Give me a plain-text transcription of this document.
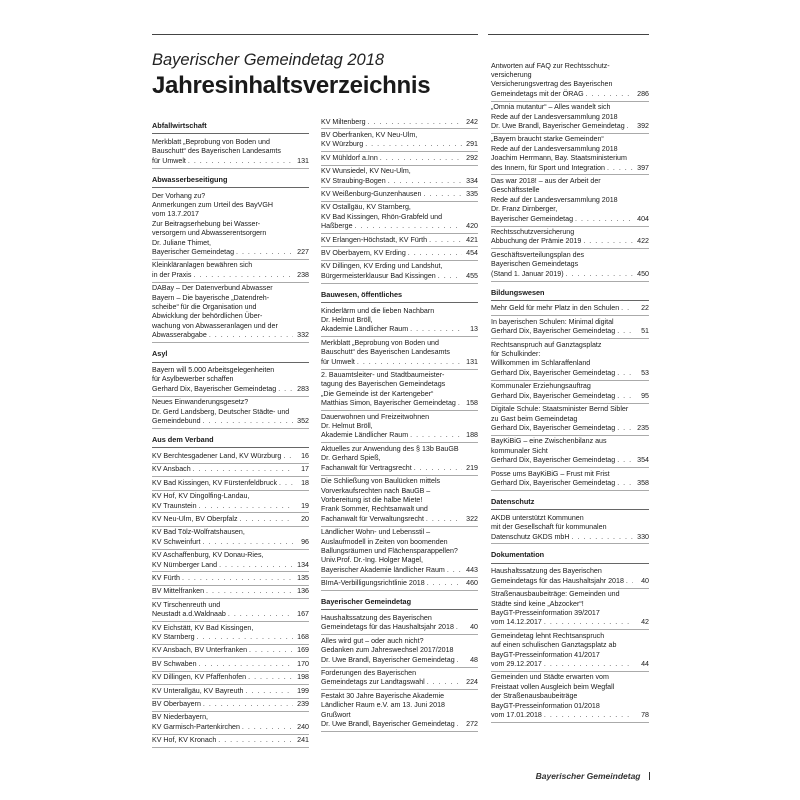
Bayerischer Gemeindetag 2018
Jahresinhaltsverzeichnis
Abfallwirtschaft
Merkblatt „Beprobung von Boden und
Bauschutt“ des Bayerischen Landesamts
für Umwelt . . .	131
Abwasserbeseitigung
Der Vorhang zu?
Anmerkungen zum Urteil des BayVGH
vom 13.7.2017
Zur Beitragserhebung bei Wasser-
versorgern und Abwasserentsorgern
Dr. Juliane Thimet,
Bayerischer Gemeindetag . . .	227
Kleinkläranlagen bewähren sich
in der Praxis . . .	238
DABay – Der Datenverbund Abwasser
Bayern – Die bayerische „Datendreh-
scheibe“ für die Organisation und
Abwicklung der behördlichen Über-
wachung von Abwasseranlagen und der
Abwasserabgabe . . .	332
Asyl
Bayern will 5.000 Arbeitsgelegenheiten
für Asylbewerber schaffen
Gerhard Dix, Bayerischer Gemeindetag . . .	283
Neues Einwanderungsgesetz?
Dr. Gerd Landsberg, Deutscher Städte- und
Gemeindebund . . .	352
Aus dem Verband
KV Berchtesgadener Land, KV Würzburg . . .	16
KV Ansbach . . .	17
KV Bad Kissingen, KV Fürstenfeldbruck . . .	18
KV Hof, KV Dingolfing-Landau,
KV Traunstein . . .	19
KV Neu-Ulm, BV Oberpfalz . . .	20
KV Bad Tölz-Wolfratshausen,
KV Schweinfurt . . .	96
KV Aschaffenburg, KV Donau-Ries,
KV Nürnberger Land . . .	134
KV Fürth . . .	135
BV Mittelfranken . . .	136
KV Tirschenreuth und
Neustadt a.d.Waldnaab . . .	167
KV Eichstätt, KV Bad Kissingen,
KV Starnberg . . .	168
KV Ansbach, BV Unterfranken . . .	169
BV Schwaben . . .	170
KV Dillingen, KV Pfaffenhofen . . .	198
KV Unterallgäu, KV Bayreuth . . .	199
BV Oberbayern . . .	239
BV Niederbayern,
KV Garmisch-Partenkirchen . . .	240
KV Hof, KV Kronach . . .	241
KV Miltenberg . . .	242
BV Oberfranken, KV Neu-Ulm,
KV Würzburg . . .	291
KV Mühldorf a.Inn . . .	292
KV Wunsiedel, KV Neu-Ulm,
KV Straubing-Bogen . . .	334
KV Weißenburg-Gunzenhausen . . .	335
KV Ostallgäu, KV Starnberg,
KV Bad Kissingen, Rhön-Grabfeld und
Haßberge . . .	420
KV Erlangen-Höchstadt, KV Fürth . . .	421
BV Oberbayern, KV Erding . . .	454
KV Dillingen, KV Erding und Landshut,
Bürgermeisterklausur Bad Kissingen . . .	455
Bauwesen, öffentliches
Kinderlärm und die lieben Nachbarn
Dr. Helmut Bröll,
Akademie Ländlicher Raum . . .	13
Merkblatt „Beprobung von Boden und
Bauschutt“ des Bayerischen Landesamts
für Umwelt . . .	131
2. Bauamtsleiter- und Stadtbaumeister-
tagung des Bayerischen Gemeindetags
„Die Gemeinde ist der Kartengeber“
Matthias Simon, Bayerischer Gemeindetag . . .	158
Dauerwohnen und Freizeitwohnen
Dr. Helmut Bröll,
Akademie Ländlicher Raum . . .	188
Aktuelles zur Anwendung des § 13b BauGB
Dr. Gerhard Spieß,
Fachanwalt für Vertragsrecht . . .	219
Die Schließung von Baulücken mittels
Vorverkaufsrechten nach BauGB –
Vorbereitung ist die halbe Miete!
Frank Sommer, Rechtsanwalt und
Fachanwalt für Verwaltungsrecht . . .	322
Ländlicher Wohn- und Lebensstil –
Auslaufmodell in Zeiten von boomenden
Ballungsräumen und Flächensparappellen?
Univ.Prof. Dr.-Ing. Holger Magel,
Bayerischer Akademie ländlicher Raum . . .	443
BImA-Verbilligungsrichtlinie 2018 . . .	460
Bayerischer Gemeindetag
Haushaltssatzung des Bayerischen
Gemeindetags für das Haushaltsjahr 2018 . . .	40
Alles wird gut – oder auch nicht?
Gedanken zum Jahreswechsel 2017/2018
Dr. Uwe Brandl, Bayerischer Gemeindetag . . .	48
Forderungen des Bayerischen
Gemeindetags zur Landtagswahl . . .	224
Festakt 30 Jahre Bayerische Akademie
Ländlicher Raum e.V. am 13. Juni 2018
Grußwort
Dr. Uwe Brandl, Bayerischer Gemeindetag . . .	272
Antworten auf FAQ zur Rechtsschutz-
versicherung
Versicherungsvertrag des Bayerischen
Gemeindetags mit der ÖRAG . . .	286
„Omnia mutantur“ – Alles wandelt sich
Rede auf der Landesversammlung 2018
Dr. Uwe Brandl, Bayerischer Gemeindetag . . .	392
„Bayern braucht starke Gemeinden“
Rede auf der Landesversammlung 2018
Joachim Herrmann, Bay. Staatsministerium
des Innern, für Sport und Integration . . .	397
Das war 2018! – aus der Arbeit der
Geschäftsstelle
Rede auf der Landesversammlung 2018
Dr. Franz Dirnberger,
Bayerischer Gemeindetag . . .	404
Rechtsschutzversicherung
Abbuchung der Prämie 2019 . . .	422
Geschäftsverteilungsplan des
Bayerischen Gemeindetags
(Stand 1. Januar 2019) . . .	450
Bildungswesen
Mehr Geld für mehr Platz in den Schulen . . .	22
In bayerischen Schulen: Minimal digital
Gerhard Dix, Bayerischer Gemeindetag . . .	51
Rechtsanspruch auf Ganztagsplatz
für Schulkinder:
Willkommen im Schlaraffenland
Gerhard Dix, Bayerischer Gemeindetag . . .	53
Kommunaler Erziehungsauftrag
Gerhard Dix, Bayerischer Gemeindetag . . .	95
Digitale Schule: Staatsminister Bernd Sibler
zu Gast beim Gemeindetag
Gerhard Dix, Bayerischer Gemeindetag . . .	235
BayKiBiG – eine Zwischenbilanz aus
kommunaler Sicht
Gerhard Dix, Bayerischer Gemeindetag . . .	354
Posse ums BayKiBiG – Frust mit Frist
Gerhard Dix, Bayerischer Gemeindetag . . .	358
Datenschutz
AKDB unterstützt Kommunen
mit der Gesellschaft für kommunalen
Datenschutz GKDS mbH . . .	330
Dokumentation
Haushaltssatzung des Bayerischen
Gemeindetags für das Haushaltsjahr 2018 . . .	40
Straßenausbaubeiträge: Gemeinden und
Städte sind keine „Abzocker“!
BayGT-Presseinformation 39/2017
vom 14.12.2017 . . .	42
Gemeindetag lehnt Rechtsanspruch
auf einen schulischen Ganztagsplatz ab
BayGT-Presseinformation 41/2017
vom 29.12.2017 . . .	44
Gemeinden und Städte erwarten vom
Freistaat vollen Ausgleich beim Wegfall
der Straßenausbaubeiträge
BayGT-Presseinformation 01/2018
vom 17.01.2018 . . .	78
Bayerischer Gemeindetag
